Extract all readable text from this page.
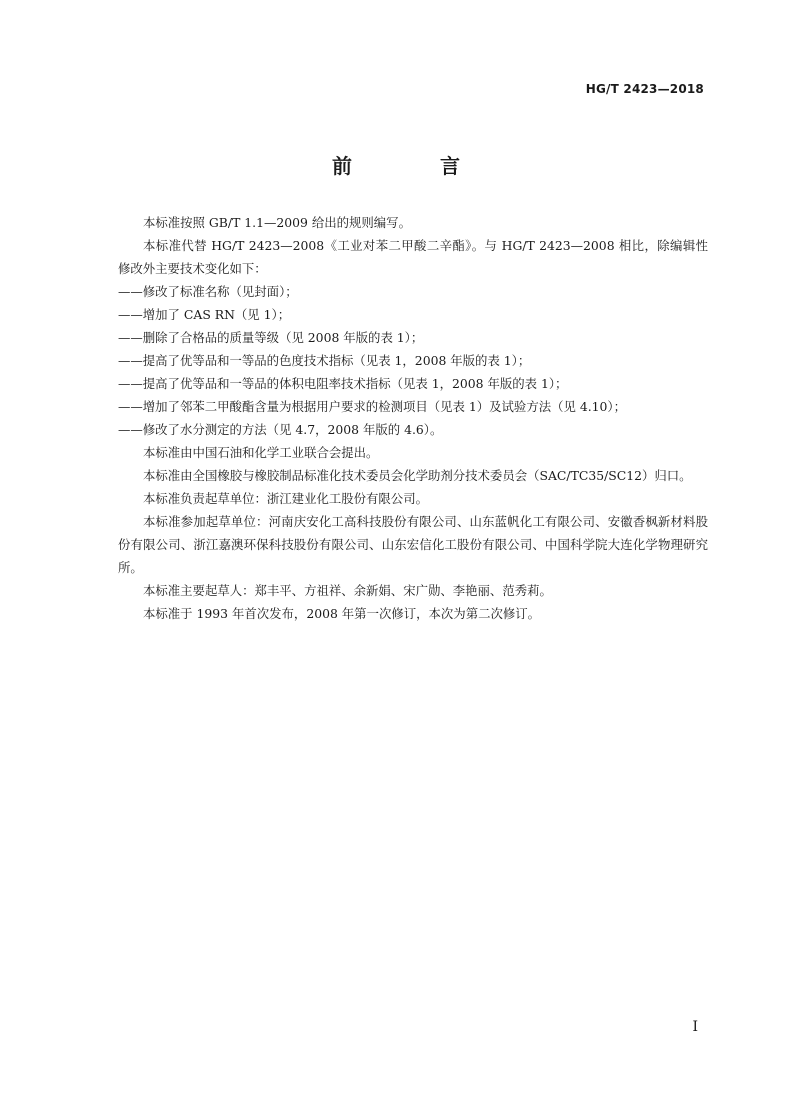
HG/T 2423—2018
前　言

本标准按照 GB/T 1.1—2009 给出的规则编写。

本标准代替 HG/T 2423—2008《工业对苯二甲酸二辛酯》。与 HG/T 2423—2008 相比，除编辑性修改外主要技术变化如下：

——修改了标准名称（见封面）；

——增加了 CAS RN（见 1）；

——删除了合格品的质量等级（见 2008 年版的表 1）；

——提高了优等品和一等品的色度技术指标（见表 1，2008 年版的表 1）；

——提高了优等品和一等品的体积电阻率技术指标（见表 1，2008 年版的表 1）；

——增加了邻苯二甲酸酯含量为根据用户要求的检测项目（见表 1）及试验方法（见 4.10）；

——修改了水分测定的方法（见 4.7，2008 年版的 4.6）。

本标准由中国石油和化学工业联合会提出。

本标准由全国橡胶与橡胶制品标准化技术委员会化学助剂分技术委员会（SAC/TC35/SC12）归口。

本标准负责起草单位：浙江建业化工股份有限公司。

本标准参加起草单位：河南庆安化工高科技股份有限公司、山东蓝帆化工有限公司、安徽香枫新材料股份有限公司、浙江嘉澳环保科技股份有限公司、山东宏信化工股份有限公司、中国科学院大连化学物理研究所。

本标准主要起草人：郑丰平、方祖祥、余新娟、宋广勋、李艳丽、范秀莉。

本标准于 1993 年首次发布，2008 年第一次修订，本次为第二次修订。

I
